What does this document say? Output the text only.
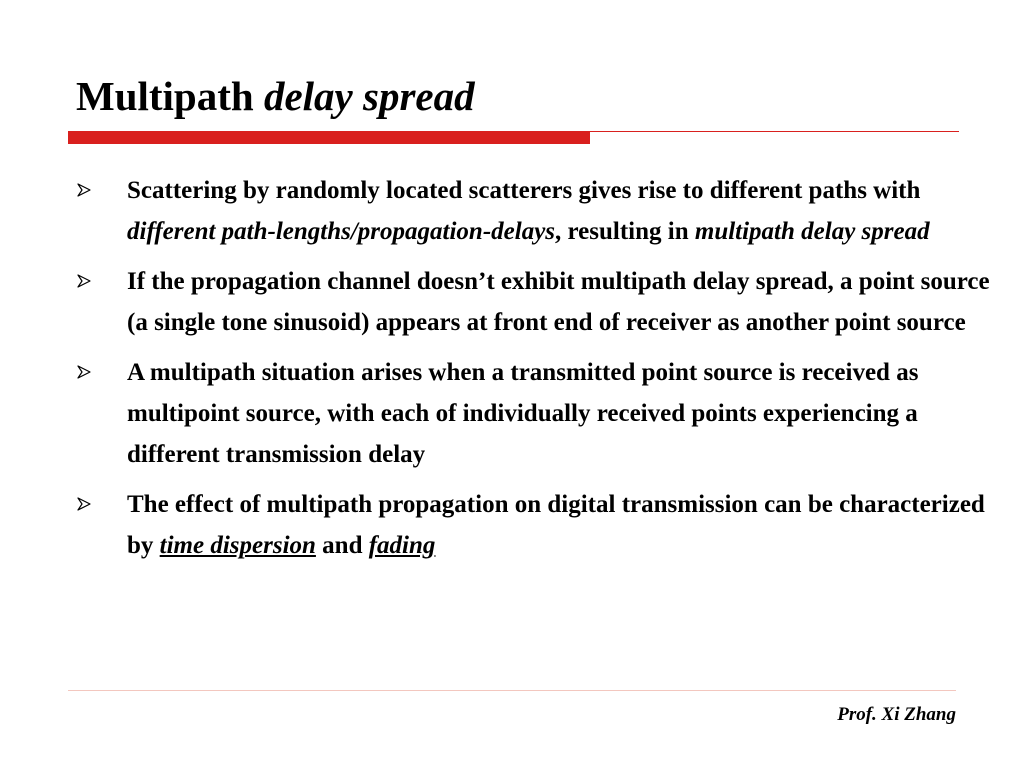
Multipath delay spread
Scattering by randomly located scatterers gives rise to different paths with different path-lengths/propagation-delays, resulting in multipath delay spread
If the propagation channel doesn’t exhibit multipath delay spread, a point source (a single tone sinusoid) appears at front end of receiver as another point source
A multipath situation arises when a transmitted point source is received as multipoint source, with each of individually received points experiencing a different transmission delay
The effect of multipath propagation on digital transmission can be characterized by time dispersion and fading
Prof. Xi Zhang
